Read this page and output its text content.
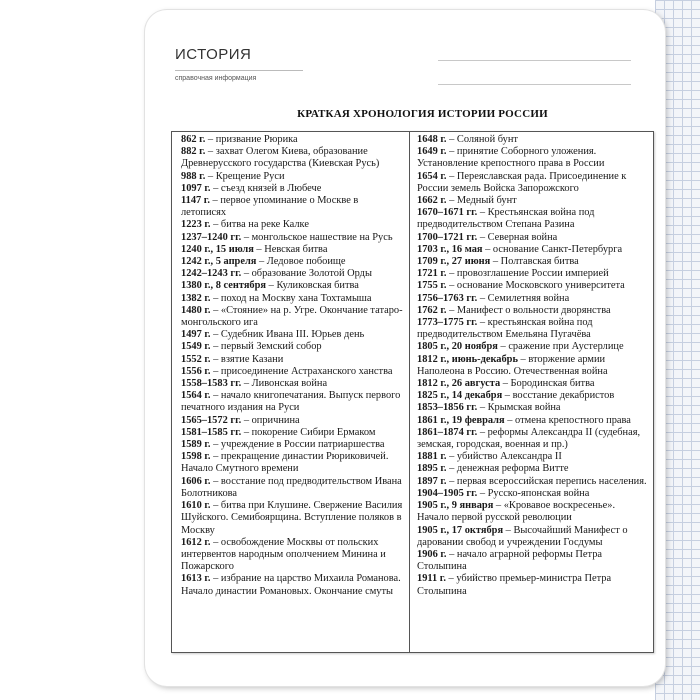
ИСТОРИЯ
справочная информация
КРАТКАЯ ХРОНОЛОГИЯ ИСТОРИИ РОССИИ
862 г. – призвание Рюрика
882 г. – захват Олегом Киева, образование Древнерусского государства (Киевская Русь)
988 г. – Крещение Руси
1097 г. – съезд князей в Любече
1147 г. – первое упоминание о Москве в летописях
1223 г. – битва на реке Калке
1237–1240 гг. – монгольское нашествие на Русь
1240 г., 15 июля – Невская битва
1242 г., 5 апреля – Ледовое побоище
1242–1243 гг. – образование Золотой Орды
1380 г., 8 сентября – Куликовская битва
1382 г. – поход на Москву хана Тохтамыша
1480 г. – «Стояние» на р. Угре. Окончание татаро-монгольского ига
1497 г. – Судебник Ивана III. Юрьев день
1549 г. – первый Земский собор
1552 г. – взятие Казани
1556 г. – присоединение Астраханского ханства
1558–1583 гг. – Ливонская война
1564 г. – начало книгопечатания. Выпуск первого печатного издания на Руси
1565–1572 гг. – опричнина
1581–1585 гг. – покорение Сибири Ермаком
1589 г. – учреждение в России патриаршества
1598 г. – прекращение династии Рюриковичей. Начало Смутного времени
1606 г. – восстание под предводительством Ивана Болотникова
1610 г. – битва при Клушине. Свержение Василия Шуйского. Семибоярщина. Вступление поляков в Москву
1612 г. – освобождение Москвы от польских интервентов народным ополчением Минина и Пожарского
1613 г. – избрание на царство Михаила Романова. Начало династии Романовых. Окончание смуты
1648 г. – Соляной бунт
1649 г. – принятие Соборного уложения. Установление крепостного права в России
1654 г. – Переяславская рада. Присоединение к России земель Войска Запорожского
1662 г. – Медный бунт
1670–1671 гг. – Крестьянская война под предводительством Степана Разина
1700–1721 гг. – Северная война
1703 г., 16 мая – основание Санкт-Петербурга
1709 г., 27 июня – Полтавская битва
1721 г. – провозглашение России империей
1755 г. – основание Московского университета
1756–1763 гг. – Семилетняя война
1762 г. – Манифест о вольности дворянства
1773–1775 гг. – крестьянская война под предводительством Емельяна Пугачёва
1805 г., 20 ноября – сражение при Аустерлице
1812 г., июнь-декабрь – вторжение армии Наполеона в Россию. Отечественная война
1812 г., 26 августа – Бородинская битва
1825 г., 14 декабря – восстание декабристов
1853–1856 гг. – Крымская война
1861 г., 19 февраля – отмена крепостного права
1861–1874 гг. – реформы Александра II (судебная, земская, городская, военная и пр.)
1881 г. – убийство Александра II
1895 г. – денежная реформа Витте
1897 г. – первая всероссийская перепись населения.
1904–1905 гг. – Русско-японская война
1905 г., 9 января – «Кровавое воскресенье». Начало первой русской революции
1905 г., 17 октября – Высочайший Манифест о даровании свобод и учреждении Госдумы
1906 г. – начало аграрной реформы Петра Столыпина
1911 г. – убийство премьер-министра Петра Столыпина
